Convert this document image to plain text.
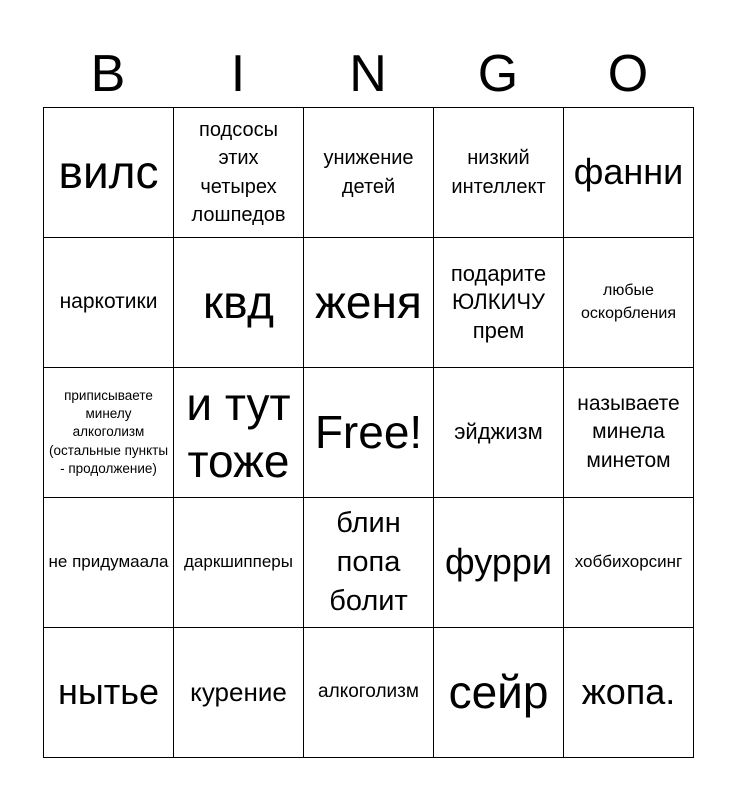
B	I	N	G	O
вилс	подсосы этих четырех лошпедов	унижение детей	низкий интеллект	фанни

наркотики	квд	женя	подарите ЮЛКИЧУ прем	любые оскорбления

приписываете минелу алкоголизм (остальные пункты - продолжение)	и тут тоже	Free!	эйджизм	называете минела минетом

не придумаала	даркшипперы	блин попа болит	фурри	хоббихорсинг

нытье	курение	алкоголизм	сейр	жопа.
